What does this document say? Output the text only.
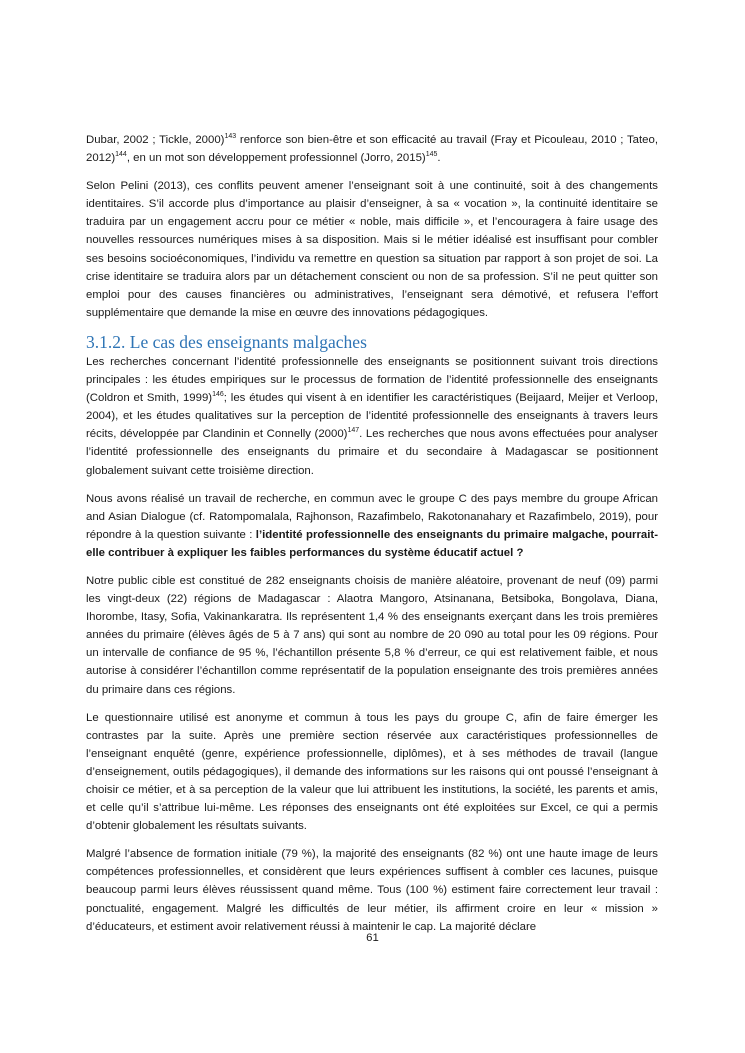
Dubar, 2002 ; Tickle, 2000)$^{143}$ renforce son bien-être et son efficacité au travail (Fray et Picouleau, 2010 ; Tateo, 2012)$^{144}$, en un mot son développement professionnel (Jorro, 2015)$^{145}$.

Selon Pelini (2013), ces conflits peuvent amener l’enseignant soit à une continuité, soit à des changements identitaires. S’il accorde plus d’importance au plaisir d’enseigner, à sa « vocation », la continuité identitaire se traduira par un engagement accru pour ce métier « noble, mais difficile », et l’encouragera à faire usage des nouvelles ressources numériques mises à sa disposition. Mais si le métier idéalisé est insuffisant pour combler ses besoins socioéconomiques, l’individu va remettre en question sa situation par rapport à son projet de soi. La crise identitaire se traduira alors par un détachement conscient ou non de sa profession. S’il ne peut quitter son emploi pour des causes financières ou administratives, l’enseignant sera démotivé, et refusera l’effort supplémentaire que demande la mise en œuvre des innovations pédagogiques.

3.1.2. Le cas des enseignants malgaches

Les recherches concernant l’identité professionnelle des enseignants se positionnent suivant trois directions principales : les études empiriques sur le processus de formation de l’identité professionnelle des enseignants (Coldron et Smith, 1999)$^{146}$; les études qui visent à en identifier les caractéristiques (Beijaard, Meijer et Verloop, 2004), et les études qualitatives sur la perception de l’identité professionnelle des enseignants à travers leurs récits, développée par Clandinin et Connelly $(2000)^{147}$. Les recherches que nous avons effectuées pour analyser l’identité professionnelle des enseignants du primaire et du secondaire à Madagascar se positionnent globalement suivant cette troisième direction.

Nous avons réalisé un travail de recherche, en commun avec le groupe C des pays membre du groupe African and Asian Dialogue (cf. Ratompomalala, Rajhonson, Razafimbelo, Rakotonanahary et Razafimbelo, 2019), pour répondre à la question suivante : l’identité professionnelle des enseignants du primaire malgache, pourrait-elle contribuer à expliquer les faibles performances du système éducatif actuel ?

Notre public cible est constitué de 282 enseignants choisis de manière aléatoire, provenant de neuf (09) parmi les vingt-deux (22) régions de Madagascar : Alaotra Mangoro, Atsinanana, Betsiboka, Bongolava, Diana, Ihorombe, Itasy, Sofia, Vakinankaratra. Ils représentent 1,4 % des enseignants exerçant dans les trois premières années du primaire (élèves âgés de 5 à 7 ans) qui sont au nombre de 20 090 au total pour les 09 régions. Pour un intervalle de confiance de 95 %, l’échantillon présente 5,8 % d’erreur, ce qui est relativement faible, et nous autorise à considérer l’échantillon comme représentatif de la population enseignante des trois premières années du primaire dans ces régions.

Le questionnaire utilisé est anonyme et commun à tous les pays du groupe C, afin de faire émerger les contrastes par la suite. Après une première section réservée aux caractéristiques professionnelles de l’enseignant enquêté (genre, expérience professionnelle, diplômes), et à ses méthodes de travail (langue d’enseignement, outils pédagogiques), il demande des informations sur les raisons qui ont poussé l’enseignant à choisir ce métier, et à sa perception de la valeur que lui attribuent les institutions, la société, les parents et amis, et celle qu’il s’attribue lui-même. Les réponses des enseignants ont été exploitées sur Excel, ce qui a permis d’obtenir globalement les résultats suivants.

Malgré l’absence de formation initiale (79 %), la majorité des enseignants (82 %) ont une haute image de leurs compétences professionnelles, et considèrent que leurs expériences suffisent à combler ces lacunes, puisque beaucoup parmi leurs élèves réussissent quand même. Tous (100 %) estiment faire correctement leur travail : ponctualité, engagement. Malgré les difficultés de leur métier, ils affirment croire en leur « mission » d’éducateurs, et estiment avoir relativement réussi à maintenir le cap. La majorité déclare

61
